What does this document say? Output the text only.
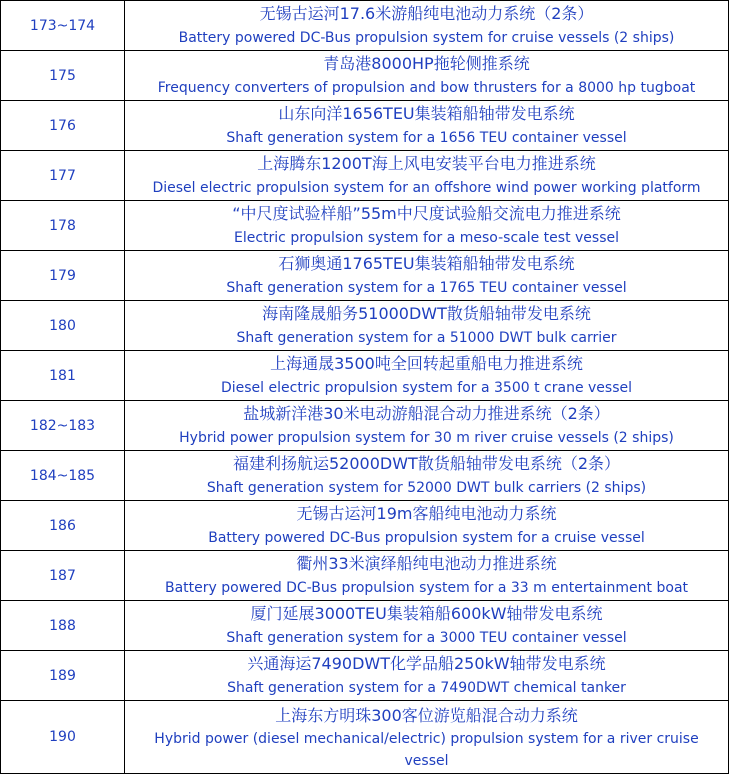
173~174	无锡古运河17.6米游船纯电池动力系统（2条）
Battery powered DC-Bus propulsion system for cruise vessels (2 ships)

175	青岛港8000HP拖轮侧推系统
Frequency converters of propulsion and bow thrusters for a 8000 hp tugboat

176	山东向洋1656TEU集装箱船轴带发电系统
Shaft generation system for a 1656 TEU container vessel

177	上海腾东1200T海上风电安装平台电力推进系统
Diesel electric propulsion system for an offshore wind power working platform

178	“中尺度试验样船”55m中尺度试验船交流电力推进系统
Electric propulsion system for a meso-scale test vessel

179	石狮奥通1765TEU集装箱船轴带发电系统
Shaft generation system for a 1765 TEU container vessel

180	海南隆晟船务51000DWT散货船轴带发电系统
Shaft generation system for a 51000 DWT bulk carrier

181	上海通晟3500吨全回转起重船电力推进系统
Diesel electric propulsion system for a 3500 t crane vessel

182~183	盐城新洋港30米电动游船混合动力推进系统（2条）
Hybrid power propulsion system for 30 m river cruise vessels (2 ships)

184~185	福建利扬航运52000DWT散货船轴带发电系统（2条）
Shaft generation system for 52000 DWT bulk carriers (2 ships)

186	无锡古运河19m客船纯电池动力系统
Battery powered DC-Bus propulsion system for a cruise vessel

187	衢州33米演绎船纯电池动力推进系统
Battery powered DC-Bus propulsion system for a 33 m entertainment boat

188	厦门延展3000TEU集装箱船600kW轴带发电系统
Shaft generation system for a 3000 TEU container vessel

189	兴通海运7490DWT化学品船250kW轴带发电系统
Shaft generation system for a 7490DWT chemical tanker

190	上海东方明珠300客位游览船混合动力系统
Hybrid power (diesel mechanical/electric) propulsion system for a river cruise vessel
